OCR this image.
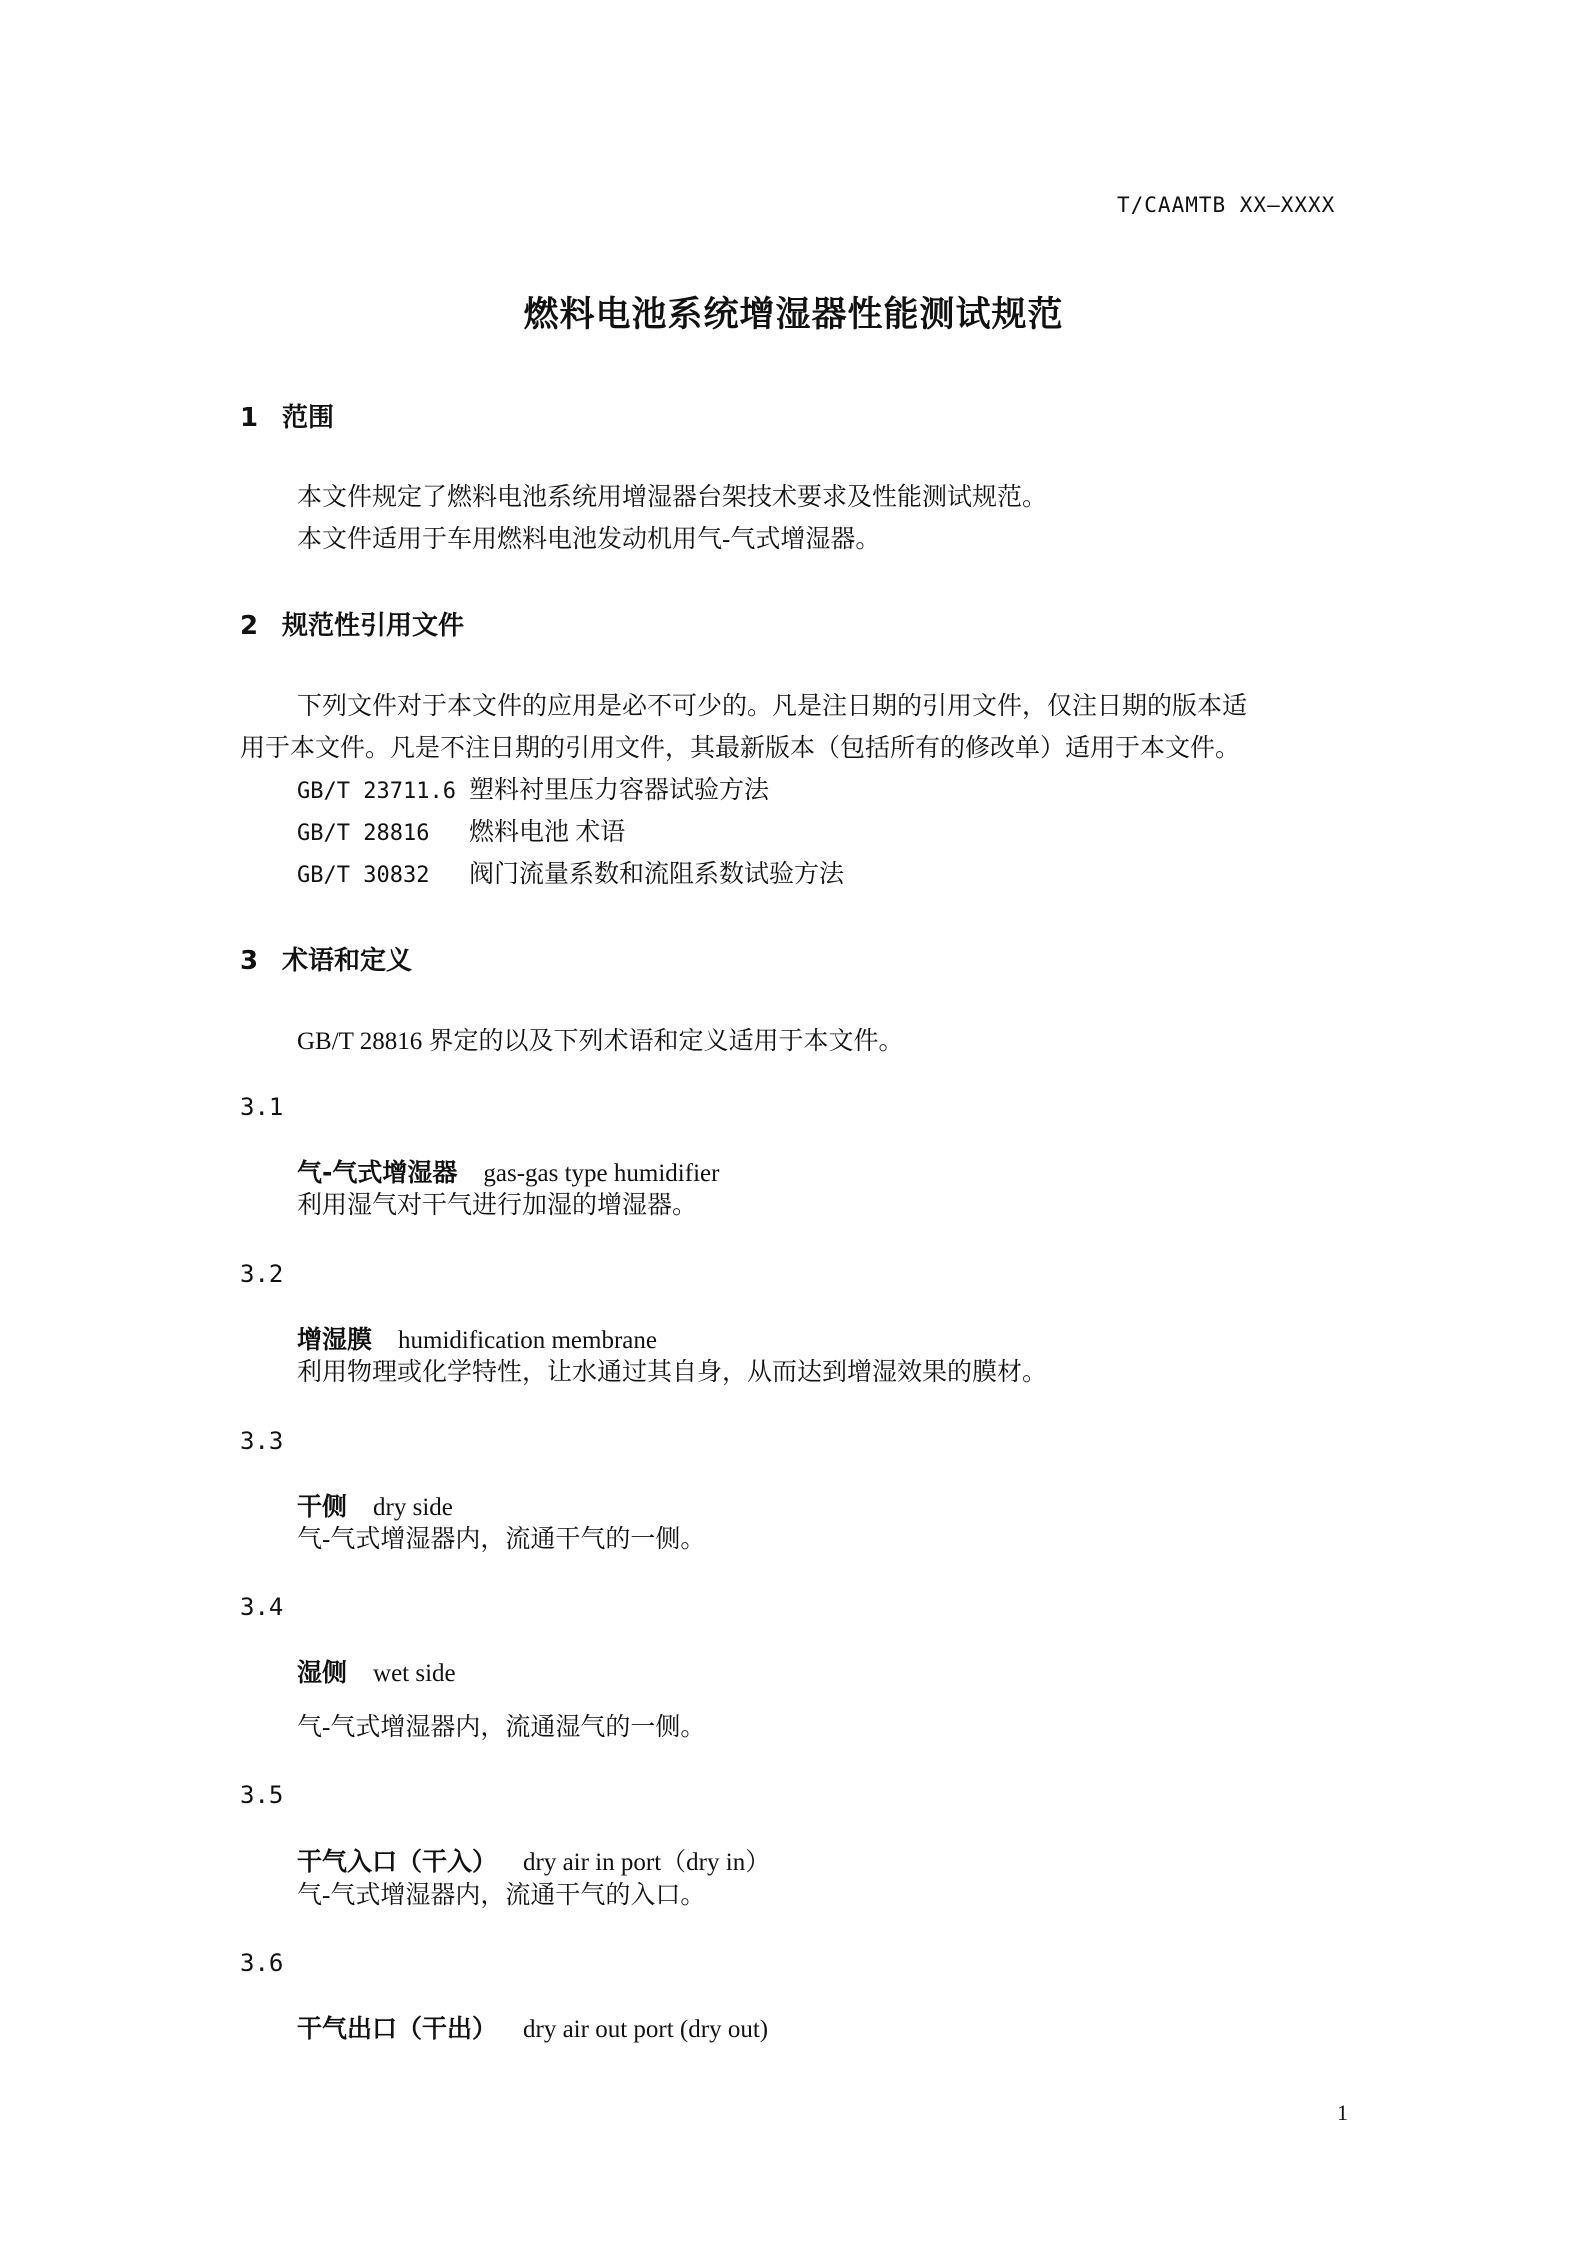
T/CAAMTB XX—XXXX
燃料电池系统增湿器性能测试规范
1 范围
本文件规定了燃料电池系统用增湿器台架技术要求及性能测试规范。
本文件适用于车用燃料电池发动机用气-气式增湿器。
2 规范性引用文件
下列文件对于本文件的应用是必不可少的。凡是注日期的引用文件，仅注日期的版本适
用于本文件。凡是不注日期的引用文件，其最新版本（包括所有的修改单）适用于本文件。
GB/T 23711.6 塑料衬里压力容器试验方法
GB/T 28816 燃料电池 术语
GB/T 30832 阀门流量系数和流阻系数试验方法
3 术语和定义
GB/T 28816 界定的以及下列术语和定义适用于本文件。
3.1
气-气式增湿器 gas-gas type humidifier
利用湿气对干气进行加湿的增湿器。
3.2
增湿膜 humidification membrane
利用物理或化学特性，让水通过其自身，从而达到增湿效果的膜材。
3.3
干侧 dry side
气-气式增湿器内，流通干气的一侧。
3.4
湿侧 wet side
气-气式增湿器内，流通湿气的一侧。
3.5
干气入口（干入） dry air in port（dry in）
气-气式增湿器内，流通干气的入口。
3.6
干气出口（干出） dry air out port (dry out)
1
